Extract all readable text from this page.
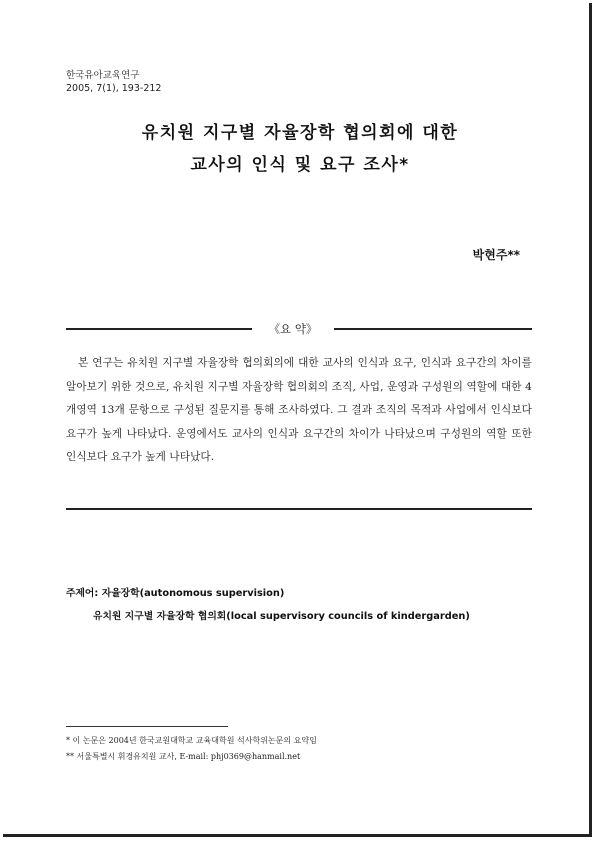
한국유아교육연구
2005, 7(1), 193-212
유치원 지구별 자율장학 협의회에 대한
교사의 인식 및 요구 조사*
박현주**
《요 약》
본 연구는 유치원 지구별 자율장학 협의회의에 대한 교사의 인식과 요구, 인식과 요구간의 차이를 알아보기 위한 것으로, 유치원 지구별 자율장학 협의회의 조직, 사업, 운영과 구성원의 역할에 대한 4개영역 13개 문항으로 구성된 질문지를 통해 조사하였다. 그 결과 조직의 목적과 사업에서 인식보다 요구가 높게 나타났다. 운영에서도 교사의 인식과 요구간의 차이가 나타났으며 구성원의 역할 또한 인식보다 요구가 높게 나타났다.
주제어: 자율장학(autonomous supervision)
유치원 지구별 자율장학 협의회(local supervisory councils of kindergarden)
* 이 논문은 2004년 한국교원대학교 교육대학원 석사학위논문의 요약임
** 서울특별시 휘경유치원 교사, E-mail: phj0369@hanmail.net
